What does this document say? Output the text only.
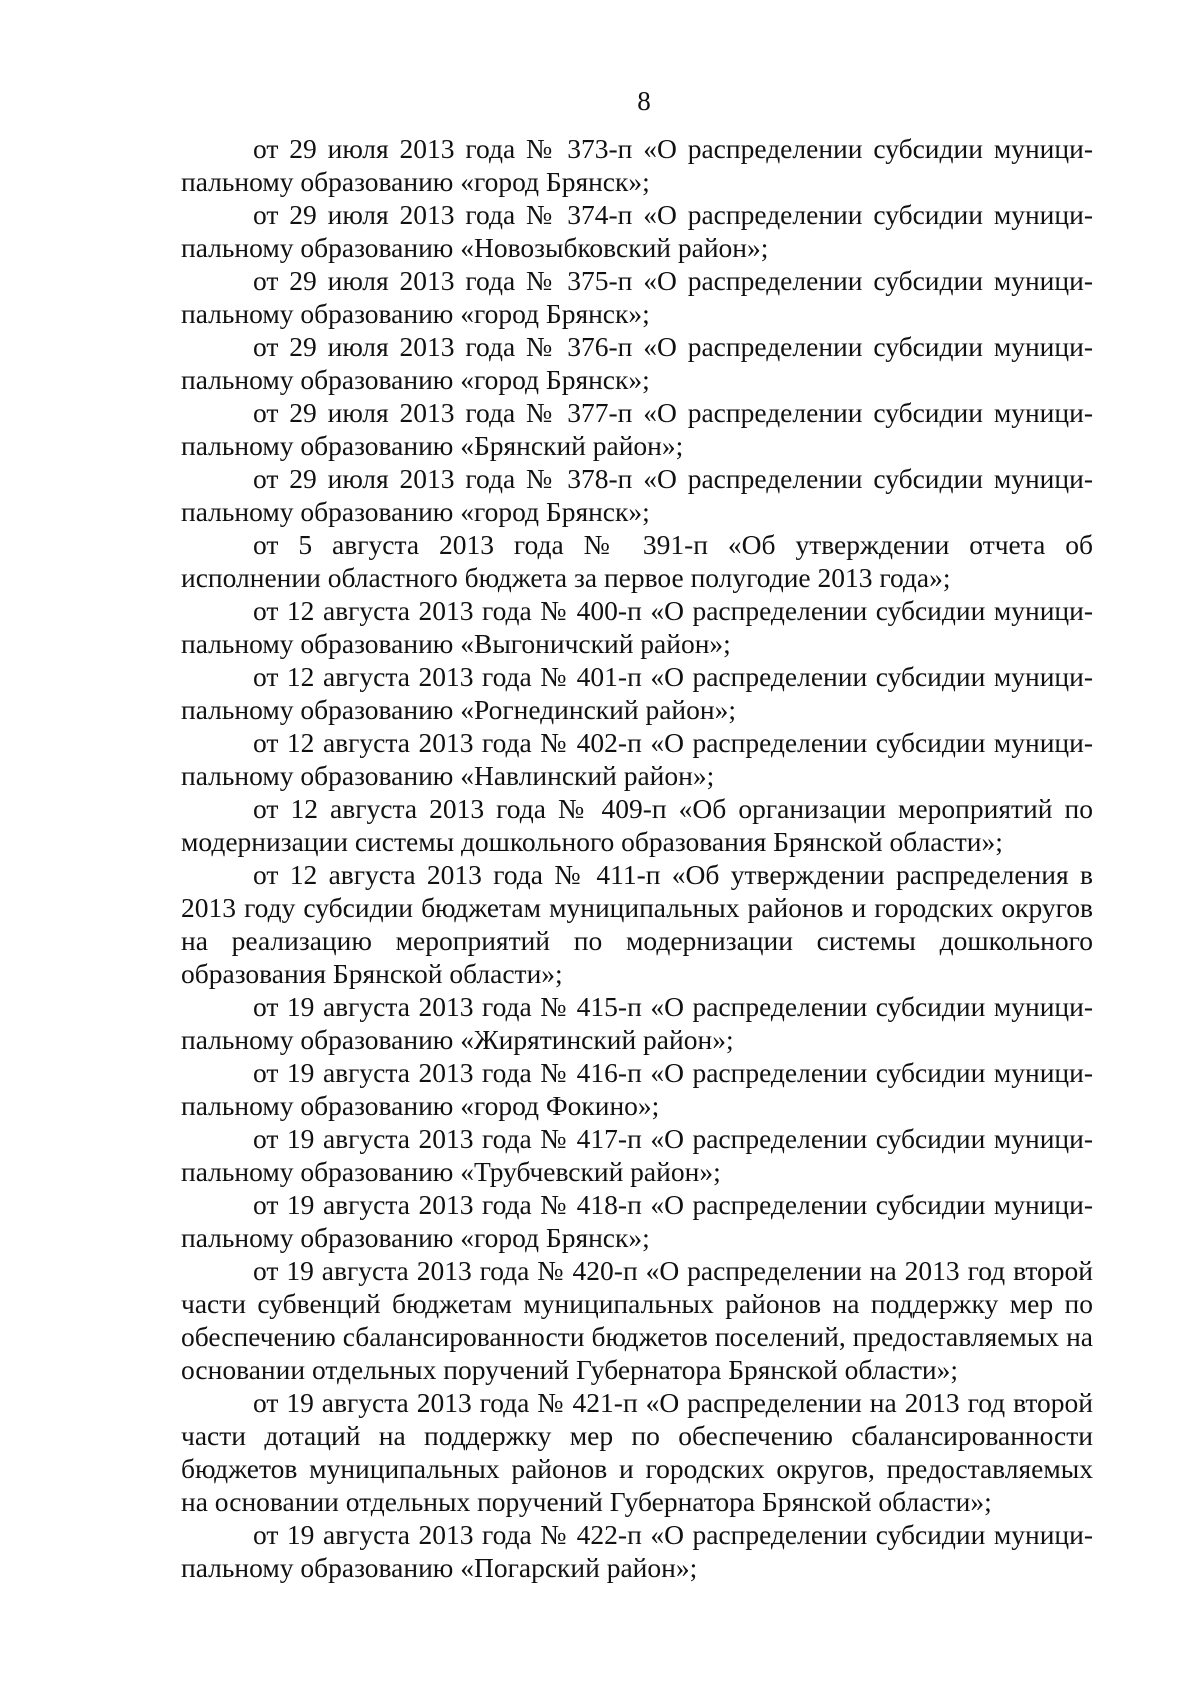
8

от 29 июля 2013 года № 373-п «О распределении субсидии муници-пальному образованию «город Брянск»;

от 29 июля 2013 года № 374-п «О распределении субсидии муници-пальному образованию «Новозыбковский район»;

от 29 июля 2013 года № 375-п «О распределении субсидии муници-пальному образованию «город Брянск»;

от 29 июля 2013 года № 376-п «О распределении субсидии муници-пальному образованию «город Брянск»;

от 29 июля 2013 года № 377-п «О распределении субсидии муници-пальному образованию «Брянский район»;

от 29 июля 2013 года № 378-п «О распределении субсидии муници-пальному образованию «город Брянск»;

от 5 августа 2013 года № 391-п «Об утверждении отчета об исполнении областного бюджета за первое полугодие 2013 года»;

от 12 августа 2013 года № 400-п «О распределении субсидии муници-пальному образованию «Выгоничский район»;

от 12 августа 2013 года № 401-п «О распределении субсидии муници-пальному образованию «Рогнединский район»;

от 12 августа 2013 года № 402-п «О распределении субсидии муници-пальному образованию «Навлинский район»;

от 12 августа 2013 года № 409-п «Об организации мероприятий по модернизации системы дошкольного образования Брянской области»;

от 12 августа 2013 года № 411-п «Об утверждении распределения в 2013 году субсидии бюджетам муниципальных районов и городских округов на реализацию мероприятий по модернизации системы дошкольного образования Брянской области»;

от 19 августа 2013 года № 415-п «О распределении субсидии муници-пальному образованию «Жирятинский район»;

от 19 августа 2013 года № 416-п «О распределении субсидии муници-пальному образованию «город Фокино»;

от 19 августа 2013 года № 417-п «О распределении субсидии муници-пальному образованию «Трубчевский район»;

от 19 августа 2013 года № 418-п «О распределении субсидии муници-пальному образованию «город Брянск»;

от 19 августа 2013 года № 420-п «О распределении на 2013 год второй части субвенций бюджетам муниципальных районов на поддержку мер по обеспечению сбалансированности бюджетов поселений, предоставляемых на основании отдельных поручений Губернатора Брянской области»;

от 19 августа 2013 года № 421-п «О распределении на 2013 год второй части дотаций на поддержку мер по обеспечению сбалансированности бюджетов муниципальных районов и городских округов, предоставляемых на основании отдельных поручений Губернатора Брянской области»;

от 19 августа 2013 года № 422-п «О распределении субсидии муници-пальному образованию «Погарский район»;
